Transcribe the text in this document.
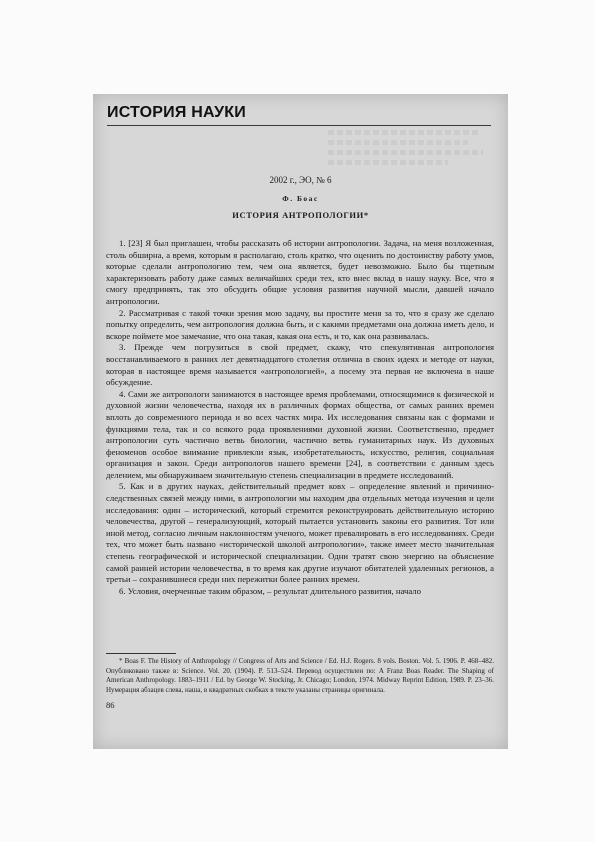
ИСТОРИЯ НАУКИ
2002 г., ЭО, № 6
Ф. Боас
ИСТОРИЯ АНТРОПОЛОГИИ*

1. [23] Я был приглашен, чтобы рассказать об истории антропологии. Задача, на меня возложенная, столь обширна, а время, которым я располагаю, столь кратко, что оценить по достоинству работу умов, которые сделали антропологию тем, чем она является, будет невозможно. Было бы тщетным характеризовать работу даже самых величайших среди тех, кто внес вклад в нашу науку. Все, что я смогу предпринять, так это обсудить общие условия развития научной мысли, давшей начало антропологии.

2. Рассматривая с такой точки зрения мою задачу, вы простите меня за то, что я сразу же сделаю попытку определить, чем антропология должна быть, и с какими предметами она должна иметь дело, и вскоре поймете мое замечание, что она такая, какая она есть, и то, как она развивалась.

3. Прежде чем погрузиться в свой предмет, скажу, что спекулятивная антропология восстанавливаемого в ранних лет девятнадцатого столетия отлична в своих идеях и методе от науки, которая в настоящее время называется «антропологией», а посему эта первая не включена в наше обсуждение.

4. Сами же антропологи занимаются в настоящее время проблемами, относящимися к физической и духовной жизни человечества, находя их в различных формах общества, от самых ранних времен вплоть до современного периода и во всех частях мира. Их исследования связаны как с формами и функциями тела, так и со всякого рода проявлениями духовной жизни. Соответственно, предмет антропологии суть частично ветвь биологии, частично ветвь гуманитарных наук. Из духовных феноменов особое внимание привлекли язык, изобретательность, искусство, религия, социальная организация и закон. Среди антропологов нашего времени [24], в соответствии с данным здесь делением, мы обнаруживаем значительную степень специализации в предмете исследований.

5. Как и в других науках, действительный предмет ковх – определение явлений и причинно-следственных связей между ними, в антропологии мы находим два отдельных метода изучения и цели исследования: один – исторический, который стремится реконструировать действительную историю человечества, другой – генерализующий, который пытается установить законы его развития. Тот или иной метод, согласно личным наклонностям ученого, может превалировать в его исследованиях. Среди тех, что может быть названо «исторической школой антропологии», также имеет место значительная степень географической и исторической специализации. Одни тратят свою энергию на объяснение самой ранней истории человечества, в то время как другие изучают обитателей удаленных регионов, а третьи – сохранившиеся среди них пережитки более ранних времен.

6. Условия, очерченные таким образом, – результат длительного развития, начало

* Boas F. The History of Anthropology // Congress of Arts and Science / Ed. H.J. Rogers. 8 vols. Boston. Vol. 5. 1906. P. 468–482. Опубликовано также в: Science. Vol. 20. (1904). P. 513–524. Перевод осуществлен по: A Franz Boas Reader. The Shaping of American Anthropology. 1883–1911 / Ed. by George W. Stocking, Jr. Chicago; London, 1974. Midway Reprint Edition, 1989. P. 23–36. Нумерация абзацев слева, наша, в квадратных скобках в тексте указаны страницы оригинала.
86
